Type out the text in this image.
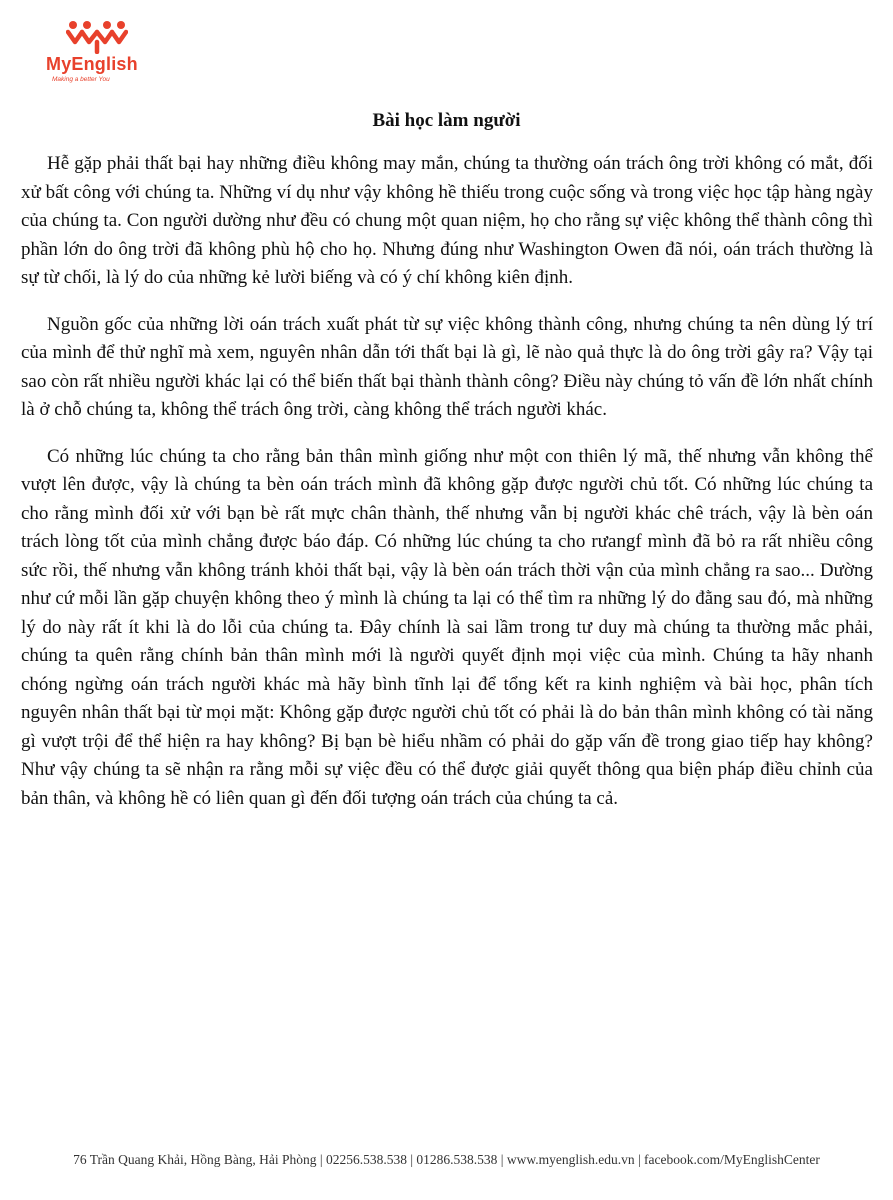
MyEnglish
Making a better You
Bài học làm người

Hễ gặp phải thất bại hay những điều không may mắn, chúng ta thường oán trách ông trời không có mắt, đối xử bất công với chúng ta. Những ví dụ như vậy không hề thiếu trong cuộc sống và trong việc học tập hàng ngày của chúng ta. Con người dường như đều có chung một quan niệm, họ cho rằng sự việc không thể thành công thì phần lớn do ông trời đã không phù hộ cho họ. Nhưng đúng như Washington Owen đã nói, oán trách thường là sự từ chối, là lý do của những kẻ lười biếng và có ý chí không kiên định.

Nguồn gốc của những lời oán trách xuất phát từ sự việc không thành công, nhưng chúng ta nên dùng lý trí của mình để thử nghĩ mà xem, nguyên nhân dẫn tới thất bại là gì, lẽ nào quả thực là do ông trời gây ra? Vậy tại sao còn rất nhiều người khác lại có thể biến thất bại thành thành công? Điều này chúng tỏ vấn đề lớn nhất chính là ở chỗ chúng ta, không thể trách ông trời, càng không thể trách người khác.

Có những lúc chúng ta cho rằng bản thân mình giống như một con thiên lý mã, thế nhưng vẫn không thể vượt lên được, vậy là chúng ta bèn oán trách mình đã không gặp được người chủ tốt. Có những lúc chúng ta cho rằng mình đối xử với bạn bè rất mực chân thành, thế nhưng vẫn bị người khác chê trách, vậy là bèn oán trách lòng tốt của mình chẳng được báo đáp. Có những lúc chúng ta cho rưangf mình đã bỏ ra rất nhiều công sức rồi, thế nhưng vẫn không tránh khỏi thất bại, vậy là bèn oán trách thời vận của mình chẳng ra sao... Dường như cứ mỗi lần gặp chuyện không theo ý mình là chúng ta lại có thể tìm ra những lý do đằng sau đó, mà những lý do này rất ít khi là do lỗi của chúng ta. Đây chính là sai lầm trong tư duy mà chúng ta thường mắc phải, chúng ta quên rằng chính bản thân mình mới là người quyết định mọi việc của mình. Chúng ta hãy nhanh chóng ngừng oán trách người khác mà hãy bình tĩnh lại để tổng kết ra kinh nghiệm và bài học, phân tích nguyên nhân thất bại từ mọi mặt: Không gặp được người chủ tốt có phải là do bản thân mình không có tài năng gì vượt trội để thể hiện ra hay không? Bị bạn bè hiểu nhầm có phải do gặp vấn đề trong giao tiếp hay không? Như vậy chúng ta sẽ nhận ra rằng mỗi sự việc đều có thể được giải quyết thông qua biện pháp điều chỉnh của bản thân, và không hề có liên quan gì đến đối tượng oán trách của chúng ta cả.

76 Trần Quang Khải, Hồng Bàng, Hải Phòng | 02256.538.538 | 01286.538.538 | www.myenglish.edu.vn | facebook.com/MyEnglishCenter
